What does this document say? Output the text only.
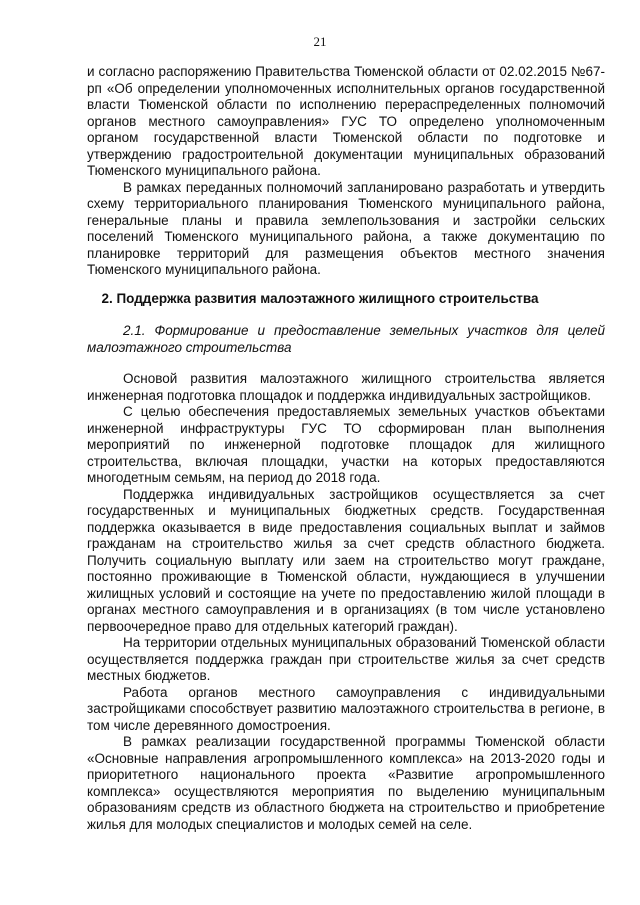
21

и согласно распоряжению Правительства Тюменской области от 02.02.2015 №67-рп «Об определении уполномоченных исполнительных органов государственной власти Тюменской области по исполнению перераспределенных полномочий органов местного самоуправления» ГУС ТО определено уполномоченным органом государственной власти Тюменской области по подготовке и утверждению градостроительной документации муниципальных образований Тюменского муниципального района.

В рамках переданных полномочий запланировано разработать и утвердить схему территориального планирования Тюменского муниципального района, генеральные планы и правила землепользования и застройки сельских поселений Тюменского муниципального района, а также документацию по планировке территорий для размещения объектов местного значения Тюменского муниципального района.

2. Поддержка развития малоэтажного жилищного строительства

2.1. Формирование и предоставление земельных участков для целей малоэтажного строительства

Основой развития малоэтажного жилищного строительства является инженерная подготовка площадок и поддержка индивидуальных застройщиков.

С целью обеспечения предоставляемых земельных участков объектами инженерной инфраструктуры ГУС ТО сформирован план выполнения мероприятий по инженерной подготовке площадок для жилищного строительства, включая площадки, участки на которых предоставляются многодетным семьям, на период до 2018 года.

Поддержка индивидуальных застройщиков осуществляется за счет государственных и муниципальных бюджетных средств. Государственная поддержка оказывается в виде предоставления социальных выплат и займов гражданам на строительство жилья за счет средств областного бюджета. Получить социальную выплату или заем на строительство могут граждане, постоянно проживающие в Тюменской области, нуждающиеся в улучшении жилищных условий и состоящие на учете по предоставлению жилой площади в органах местного самоуправления и в организациях (в том числе установлено первоочередное право для отдельных категорий граждан).

На территории отдельных муниципальных образований Тюменской области осуществляется поддержка граждан при строительстве жилья за счет средств местных бюджетов.

Работа органов местного самоуправления с индивидуальными застройщиками способствует развитию малоэтажного строительства в регионе, в том числе деревянного домостроения.

В рамках реализации государственной программы Тюменской области «Основные направления агропромышленного комплекса» на 2013-2020 годы и приоритетного национального проекта «Развитие агропромышленного комплекса» осуществляются мероприятия по выделению муниципальным образованиям средств из областного бюджета на строительство и приобретение жилья для молодых специалистов и молодых семей на селе.
